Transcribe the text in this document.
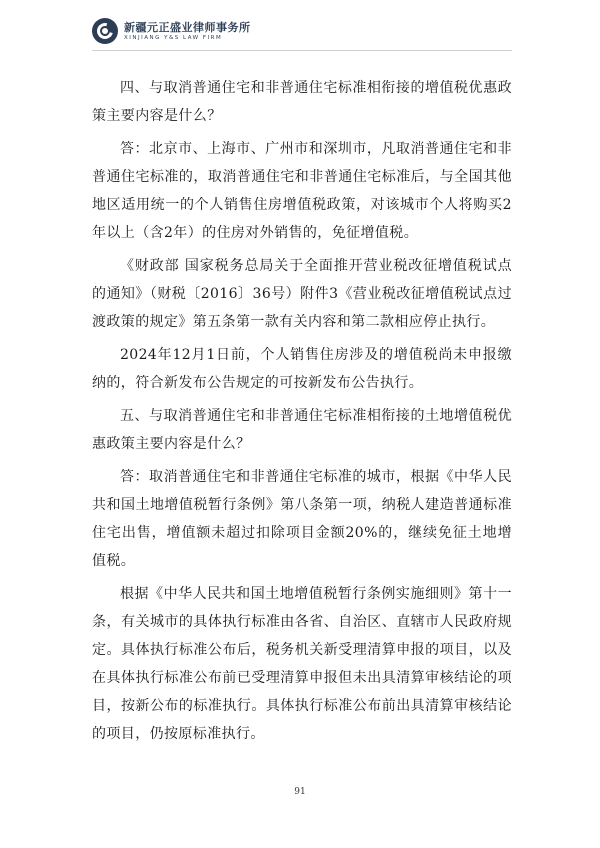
新疆元正盛业律师事务所
XINJIANG Y&S LAW FIRM

四、与取消普通住宅和非普通住宅标准相衔接的增值税优惠政策主要内容是什么？

答：北京市、上海市、广州市和深圳市，凡取消普通住宅和非普通住宅标准的，取消普通住宅和非普通住宅标准后，与全国其他地区适用统一的个人销售住房增值税政策，对该城市个人将购买2年以上（含2年）的住房对外销售的，免征增值税。

《财政部 国家税务总局关于全面推开营业税改征增值税试点的通知》（财税〔2016〕36号）附件3《营业税改征增值税试点过渡政策的规定》第五条第一款有关内容和第二款相应停止执行。

2024年12月1日前，个人销售住房涉及的增值税尚未申报缴纳的，符合新发布公告规定的可按新发布公告执行。

五、与取消普通住宅和非普通住宅标准相衔接的土地增值税优惠政策主要内容是什么？

答：取消普通住宅和非普通住宅标准的城市，根据《中华人民共和国土地增值税暂行条例》第八条第一项，纳税人建造普通标准住宅出售，增值额未超过扣除项目金额20%的，继续免征土地增值税。

根据《中华人民共和国土地增值税暂行条例实施细则》第十一条，有关城市的具体执行标准由各省、自治区、直辖市人民政府规定。具体执行标准公布后，税务机关新受理清算申报的项目，以及在具体执行标准公布前已受理清算申报但未出具清算审核结论的项目，按新公布的标准执行。具体执行标准公布前出具清算审核结论的项目，仍按原标准执行。

91
